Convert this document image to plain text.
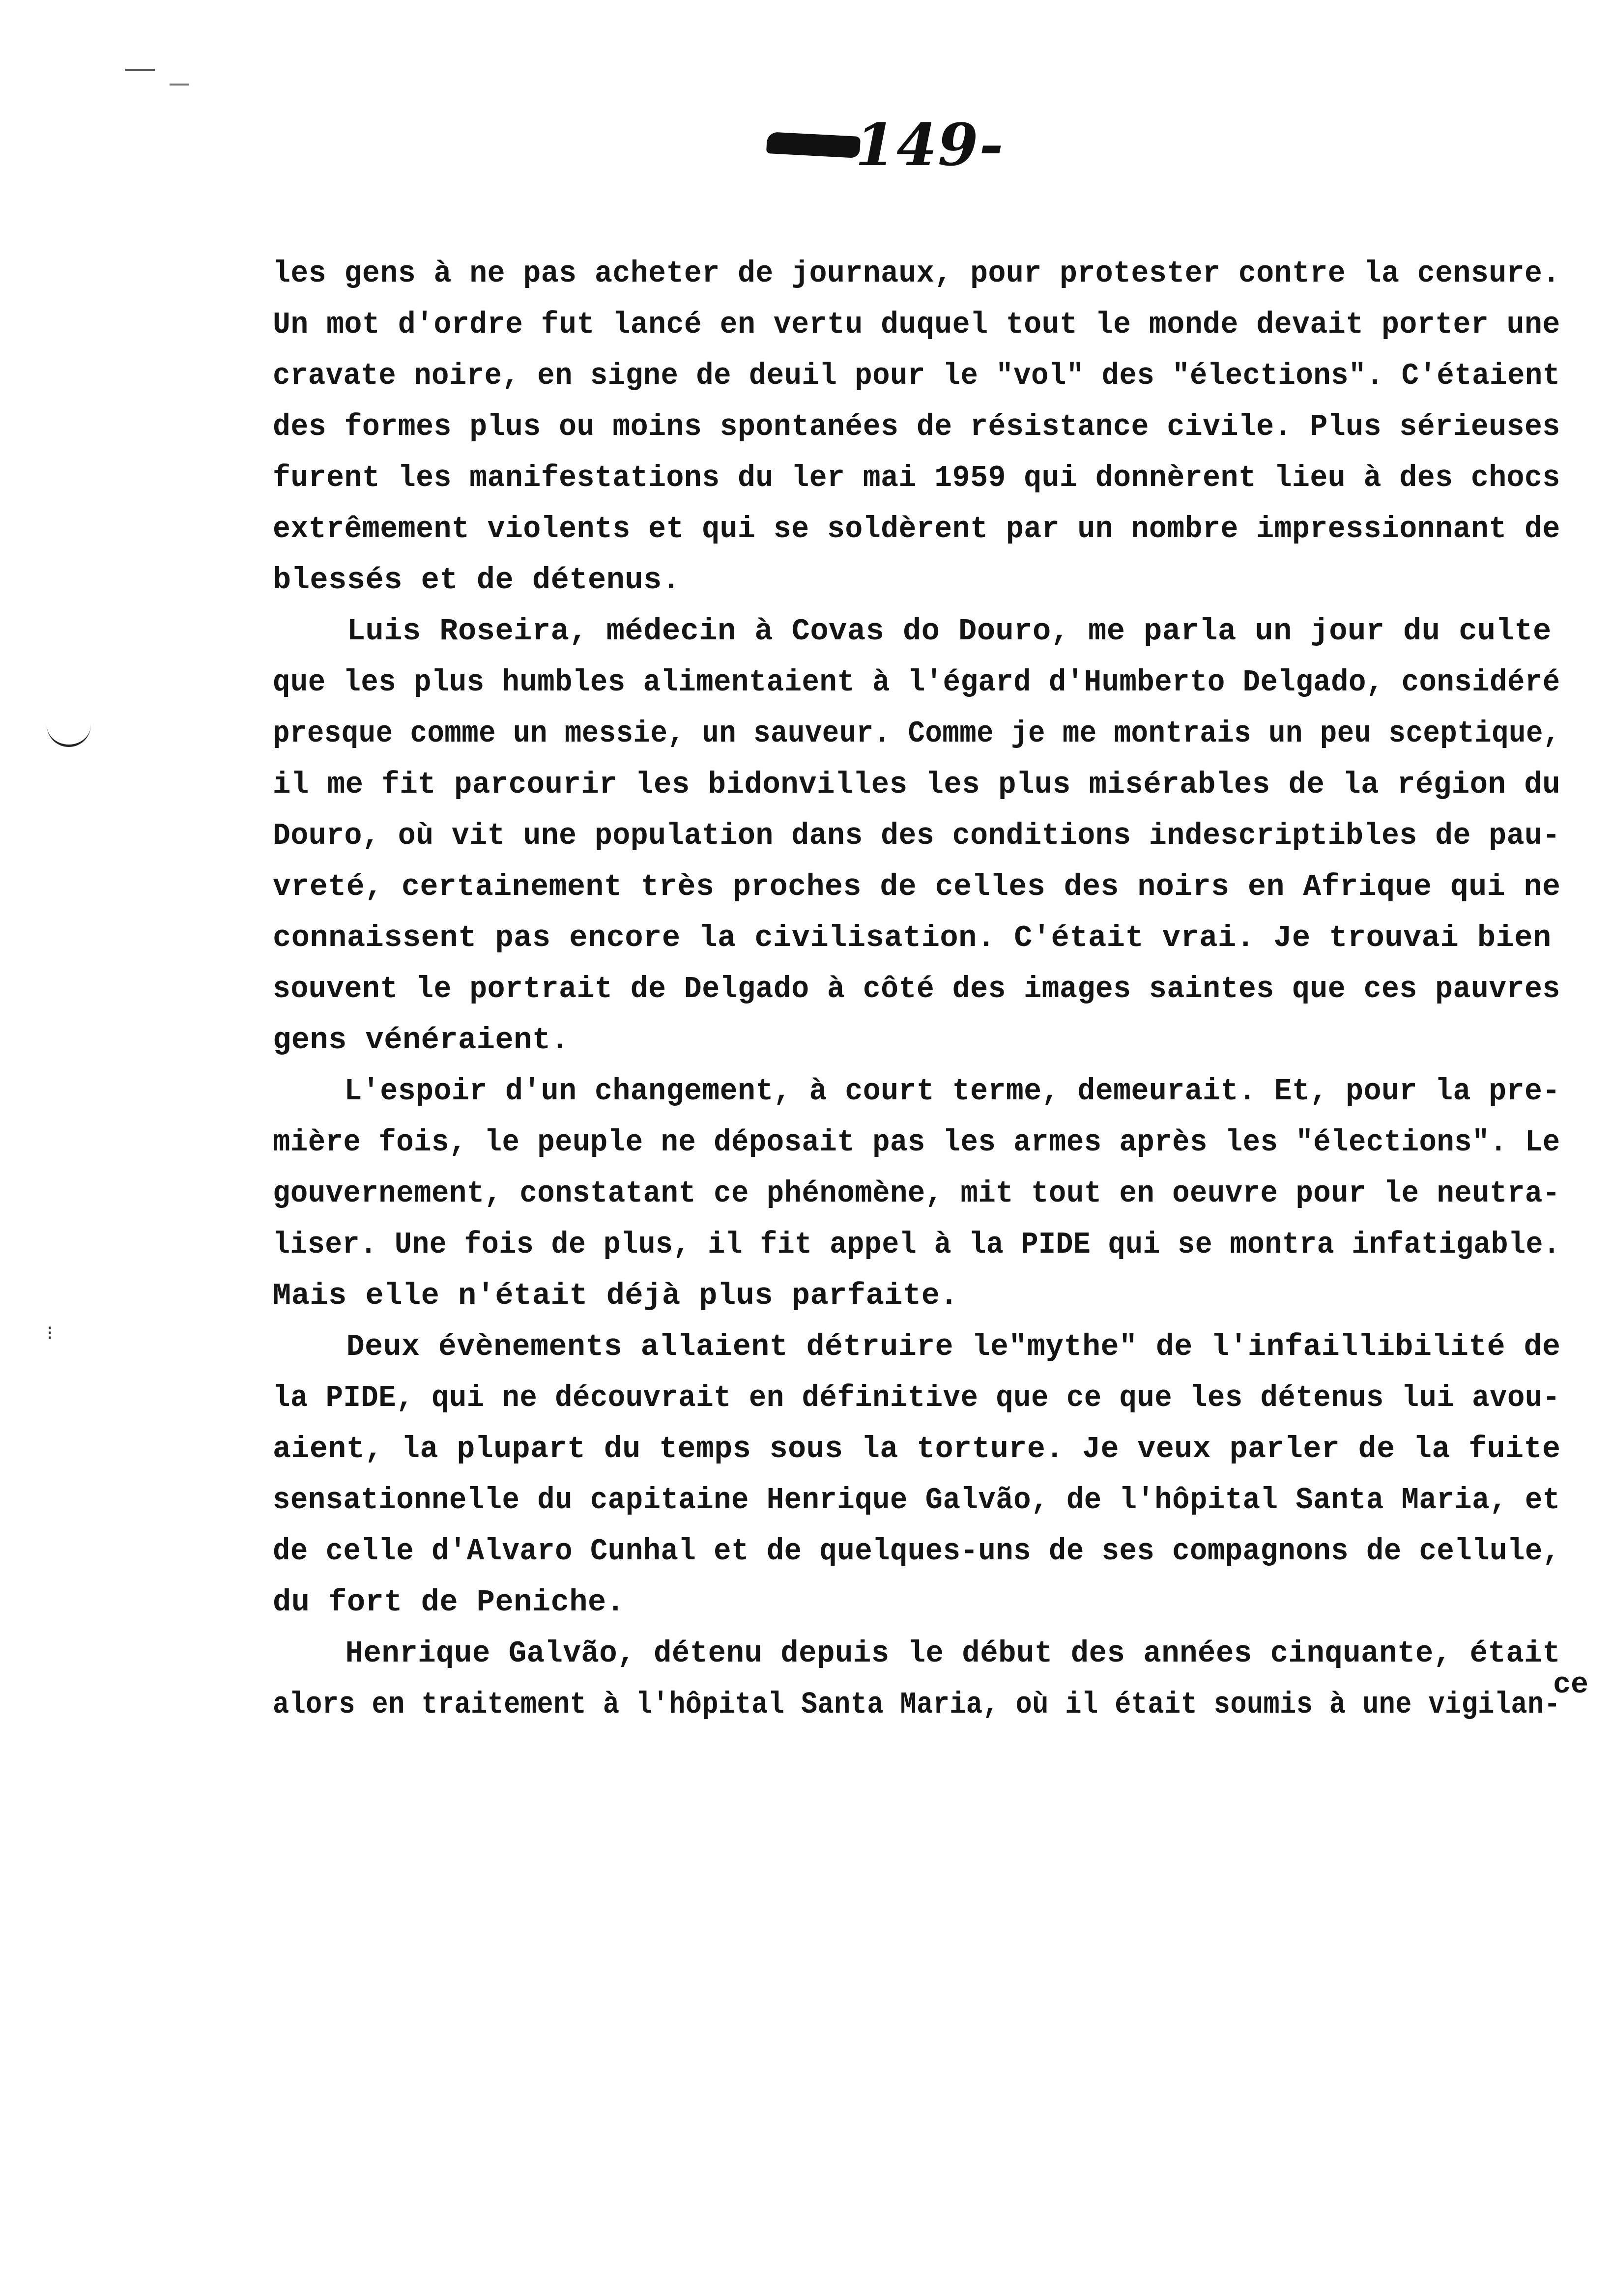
⁝
149-
les gens à ne pas acheter de journaux, pour protester contre la censure.
Un mot d'ordre fut lancé en vertu duquel tout le monde devait porter une
cravate noire, en signe de deuil pour le "vol" des "élections". C'étaient
des formes plus ou moins spontanées de résistance civile. Plus sérieuses
furent les manifestations du ler mai 1959 qui donnèrent lieu à des chocs
extrêmement violents et qui se soldèrent par un nombre impressionnant de
blessés et de détenus.
Luis Roseira, médecin à Covas do Douro, me parla un jour du culte
que les plus humbles alimentaient à l'égard d'Humberto Delgado, considéré
presque comme un messie, un sauveur. Comme je me montrais un peu sceptique,
il me fit parcourir les bidonvilles les plus misérables de la région du
Douro, où vit une population dans des conditions indescriptibles de pau-
vreté, certainement très proches de celles des noirs en Afrique qui ne
connaissent pas encore la civilisation. C'était vrai. Je trouvai bien
souvent le portrait de Delgado à côté des images saintes que ces pauvres
gens vénéraient.
L'espoir d'un changement, à court terme, demeurait. Et, pour la pre-
mière fois, le peuple ne déposait pas les armes après les "élections". Le
gouvernement, constatant ce phénomène, mit tout en oeuvre pour le neutra-
liser. Une fois de plus, il fit appel à la PIDE qui se montra infatigable.
Mais elle n'était déjà plus parfaite.
Deux évènements allaient détruire le"mythe" de l'infaillibilité de
la PIDE, qui ne découvrait en définitive que ce que les détenus lui avou-
aient, la plupart du temps sous la torture. Je veux parler de la fuite
sensationnelle du capitaine Henrique Galvão, de l'hôpital Santa Maria, et
de celle d'Alvaro Cunhal et de quelques-uns de ses compagnons de cellule,
du fort de Peniche.
Henrique Galvão, détenu depuis le début des années cinquante, était
alors en traitement à l'hôpital Santa Maria, où il était soumis à une vigilan-
ce
